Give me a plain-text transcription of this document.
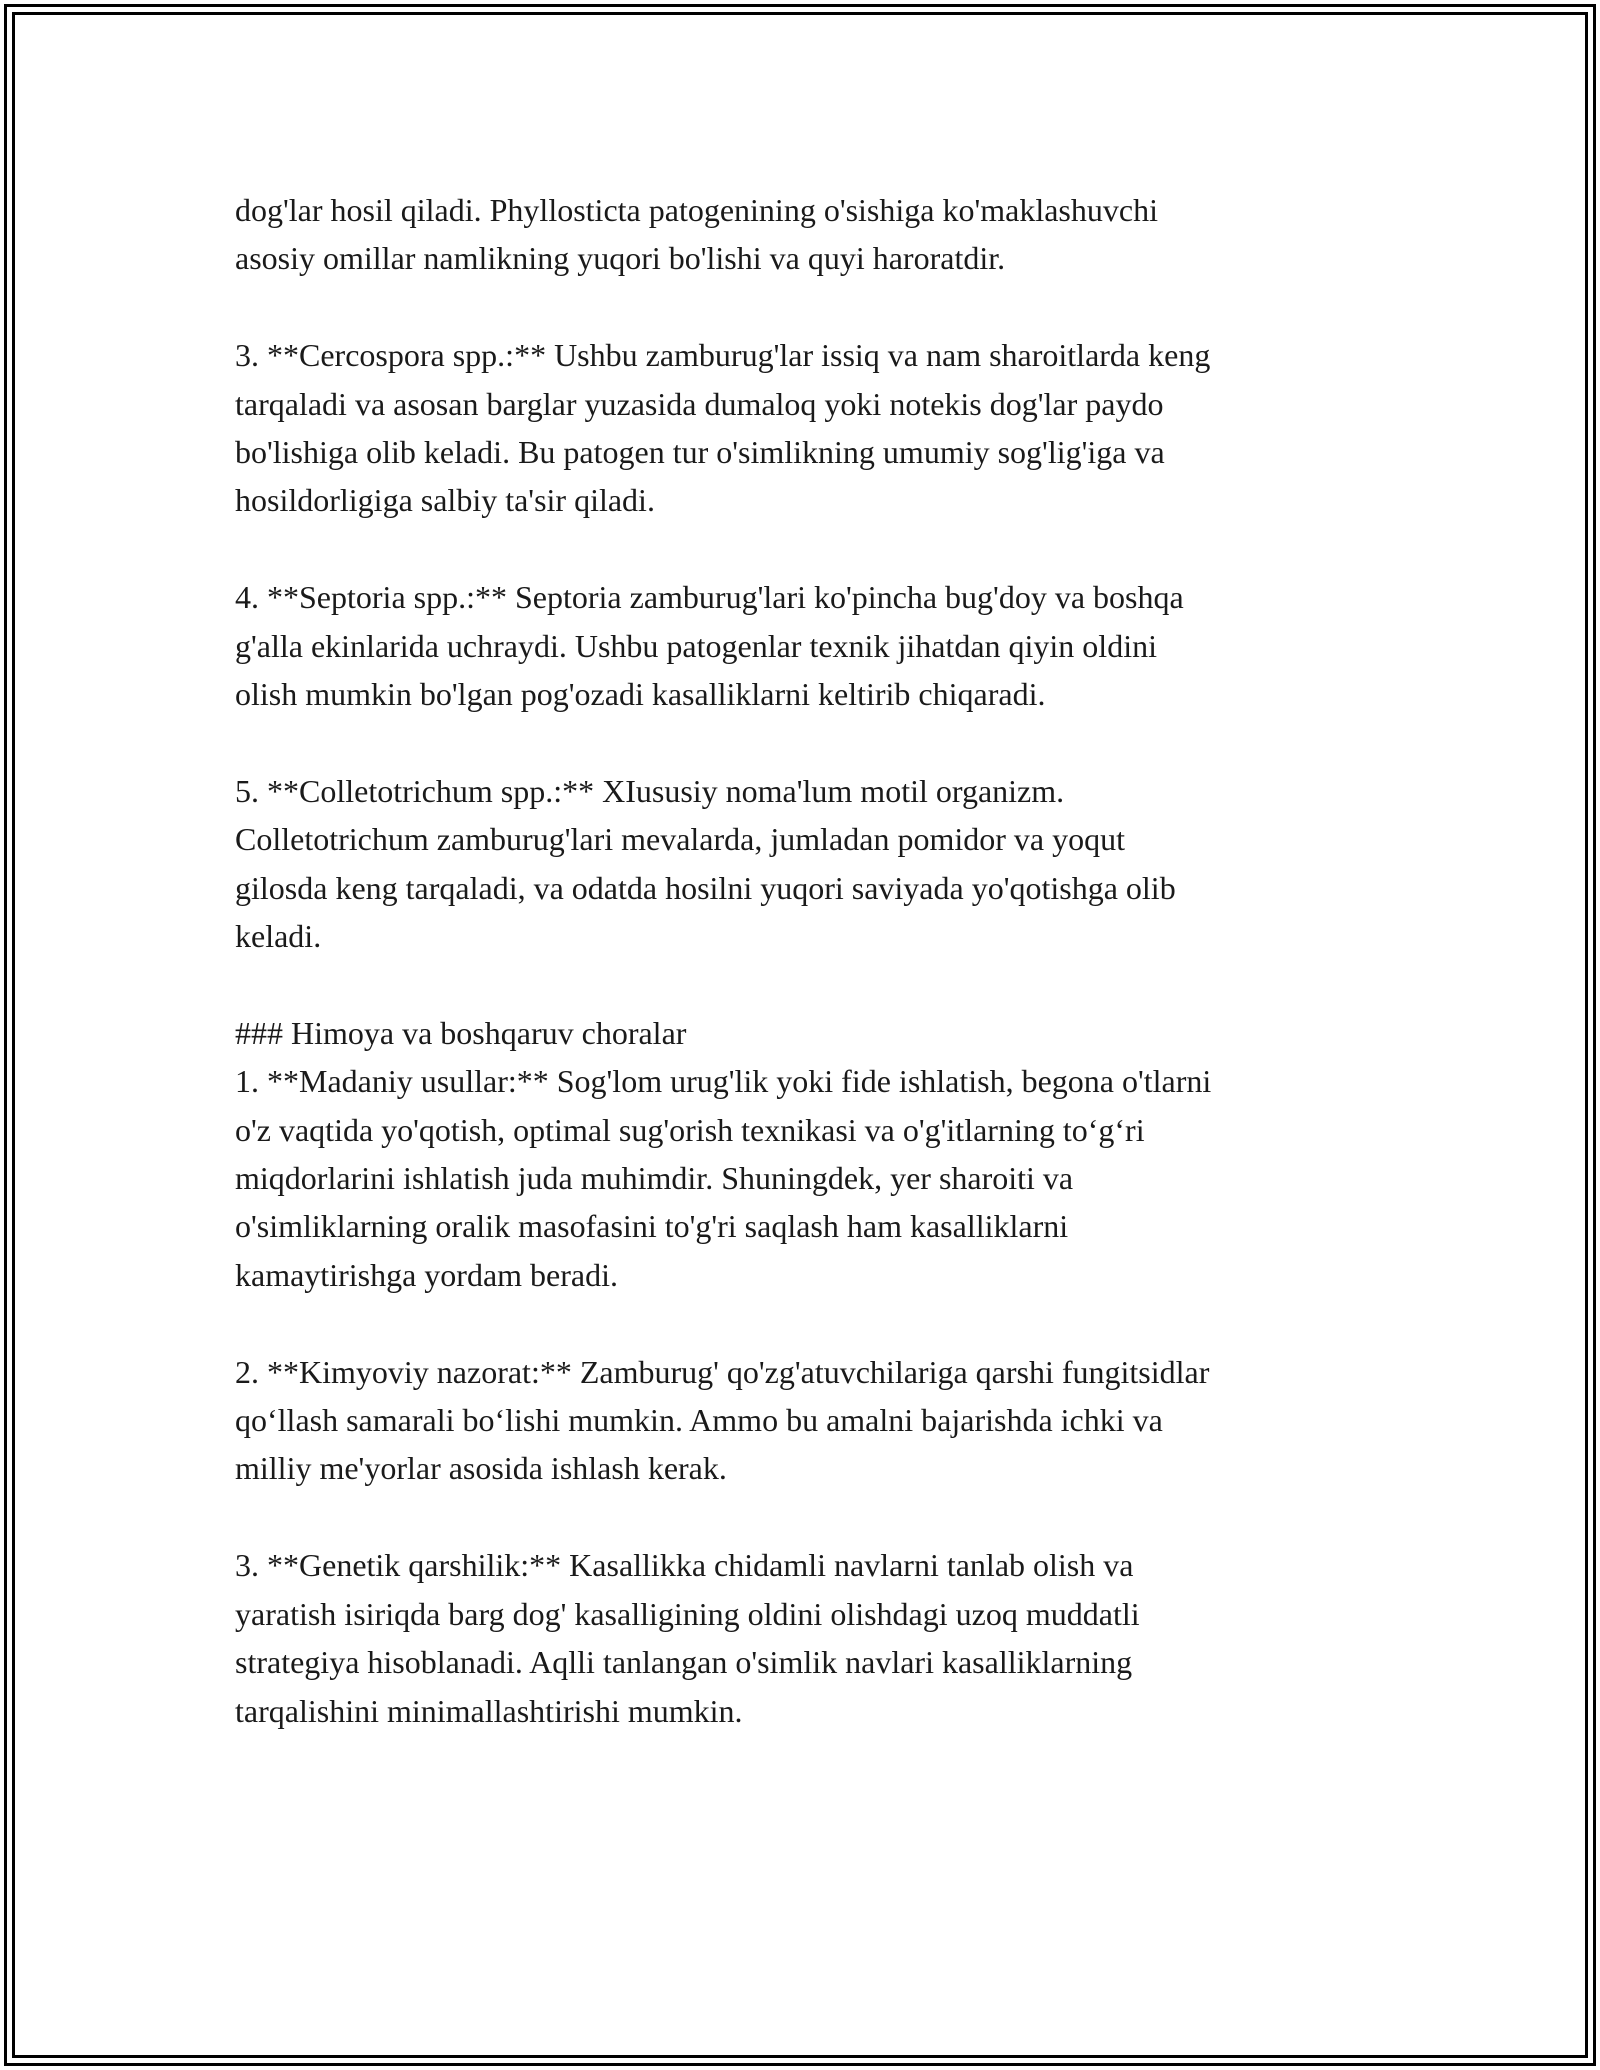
dog'lar hosil qiladi. Phyllosticta patogenining o'sishiga ko'maklashuvchi

asosiy omillar namlikning yuqori bo'lishi va quyi haroratdir.

3. **Cercospora spp.:** Ushbu zamburug'lar issiq va nam sharoitlarda keng

tarqaladi va asosan barglar yuzasida dumaloq yoki notekis dog'lar paydo

bo'lishiga olib keladi. Bu patogen tur o'simlikning umumiy sog'lig'iga va

hosildorligiga salbiy ta'sir qiladi.

4. **Septoria spp.:** Septoria zamburug'lari ko'pincha bug'doy va boshqa

g'alla ekinlarida uchraydi. Ushbu patogenlar texnik jihatdan qiyin oldini

olish mumkin bo'lgan pog'ozadi kasalliklarni keltirib chiqaradi.

5. **Colletotrichum spp.:** XIususiy noma'lum motil organizm.

Colletotrichum zamburug'lari mevalarda, jumladan pomidor va yoqut

gilosda keng tarqaladi, va odatda hosilni yuqori saviyada yo'qotishga olib

keladi.

### Himoya va boshqaruv choralar

1. **Madaniy usullar:** Sog'lom urug'lik yoki fide ishlatish, begona o'tlarni

o'z vaqtida yo'qotish, optimal sug'orish texnikasi va o'g'itlarning to‘g‘ri

miqdorlarini ishlatish juda muhimdir. Shuningdek, yer sharoiti va

o'simliklarning oralik masofasini to'g'ri saqlash ham kasalliklarni

kamaytirishga yordam beradi.

2. **Kimyoviy nazorat:** Zamburug' qo'zg'atuvchilariga qarshi fungitsidlar

qo‘llash samarali bo‘lishi mumkin. Ammo bu amalni bajarishda ichki va

milliy me'yorlar asosida ishlash kerak.

3. **Genetik qarshilik:** Kasallikka chidamli navlarni tanlab olish va

yaratish isiriqda barg dog' kasalligining oldini olishdagi uzoq muddatli

strategiya hisoblanadi. Aqlli tanlangan o'simlik navlari kasalliklarning

tarqalishini minimallashtirishi mumkin.
